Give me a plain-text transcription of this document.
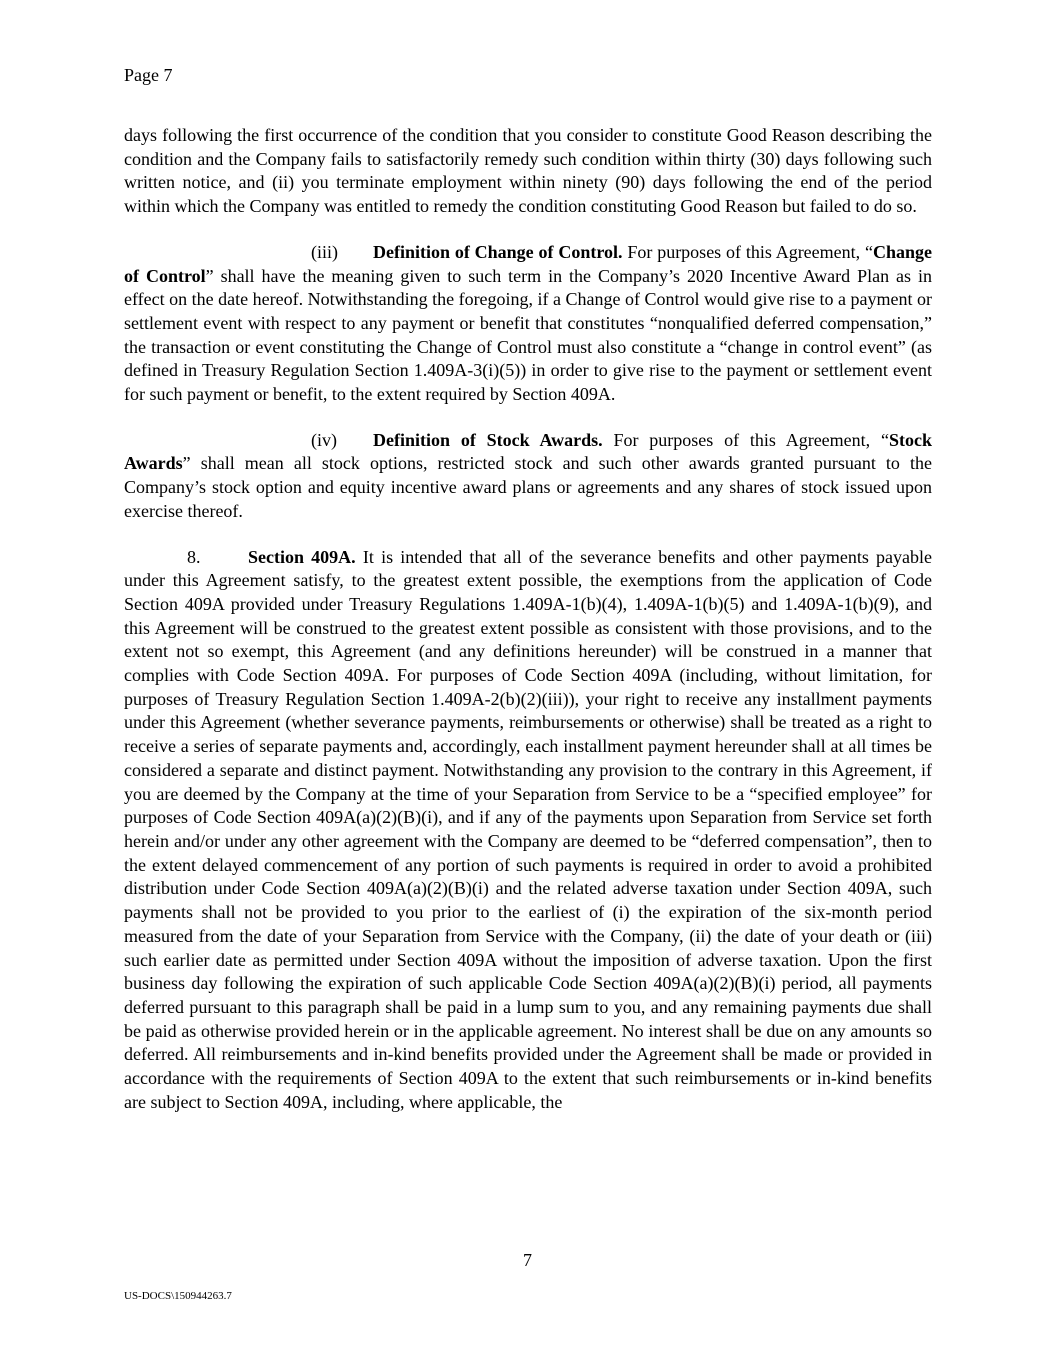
Page 7

days following the first occurrence of the condition that you consider to constitute Good Reason describing the condition and the Company fails to satisfactorily remedy such condition within thirty (30) days following such written notice, and (ii) you terminate employment within ninety (90) days following the end of the period within which the Company was entitled to remedy the condition constituting Good Reason but failed to do so.

(iii) Definition of Change of Control. For purposes of this Agreement, “Change of Control” shall have the meaning given to such term in the Company’s 2020 Incentive Award Plan as in effect on the date hereof. Notwithstanding the foregoing, if a Change of Control would give rise to a payment or settlement event with respect to any payment or benefit that constitutes “nonqualified deferred compensation,” the transaction or event constituting the Change of Control must also constitute a “change in control event” (as defined in Treasury Regulation Section 1.409A-3(i)(5)) in order to give rise to the payment or settlement event for such payment or benefit, to the extent required by Section 409A.

(iv) Definition of Stock Awards. For purposes of this Agreement, “Stock Awards” shall mean all stock options, restricted stock and such other awards granted pursuant to the Company’s stock option and equity incentive award plans or agreements and any shares of stock issued upon exercise thereof.

8.	Section 409A. It is intended that all of the severance benefits and other payments payable under this Agreement satisfy, to the greatest extent possible, the exemptions from the application of Code Section 409A provided under Treasury Regulations 1.409A-1(b)(4), 1.409A-1(b)(5) and 1.409A-1(b)(9), and this Agreement will be construed to the greatest extent possible as consistent with those provisions, and to the extent not so exempt, this Agreement (and any definitions hereunder) will be construed in a manner that complies with Code Section 409A. For purposes of Code Section 409A (including, without limitation, for purposes of Treasury Regulation Section 1.409A-2(b)(2)(iii)), your right to receive any installment payments under this Agreement (whether severance payments, reimbursements or otherwise) shall be treated as a right to receive a series of separate payments and, accordingly, each installment payment hereunder shall at all times be considered a separate and distinct payment. Notwithstanding any provision to the contrary in this Agreement, if you are deemed by the Company at the time of your Separation from Service to be a “specified employee” for purposes of Code Section 409A(a)(2)(B)(i), and if any of the payments upon Separation from Service set forth herein and/or under any other agreement with the Company are deemed to be “deferred compensation”, then to the extent delayed commencement of any portion of such payments is required in order to avoid a prohibited distribution under Code Section 409A(a)(2)(B)(i) and the related adverse taxation under Section 409A, such payments shall not be provided to you prior to the earliest of (i) the expiration of the six-month period measured from the date of your Separation from Service with the Company, (ii) the date of your death or (iii) such earlier date as permitted under Section 409A without the imposition of adverse taxation. Upon the first business day following the expiration of such applicable Code Section 409A(a)(2)(B)(i) period, all payments deferred pursuant to this paragraph shall be paid in a lump sum to you, and any remaining payments due shall be paid as otherwise provided herein or in the applicable agreement. No interest shall be due on any amounts so deferred. All reimbursements and in-kind benefits provided under the Agreement shall be made or provided in accordance with the requirements of Section 409A to the extent that such reimbursements or in-kind benefits are subject to Section 409A, including, where applicable, the

7
US-DOCS\150944263.7
